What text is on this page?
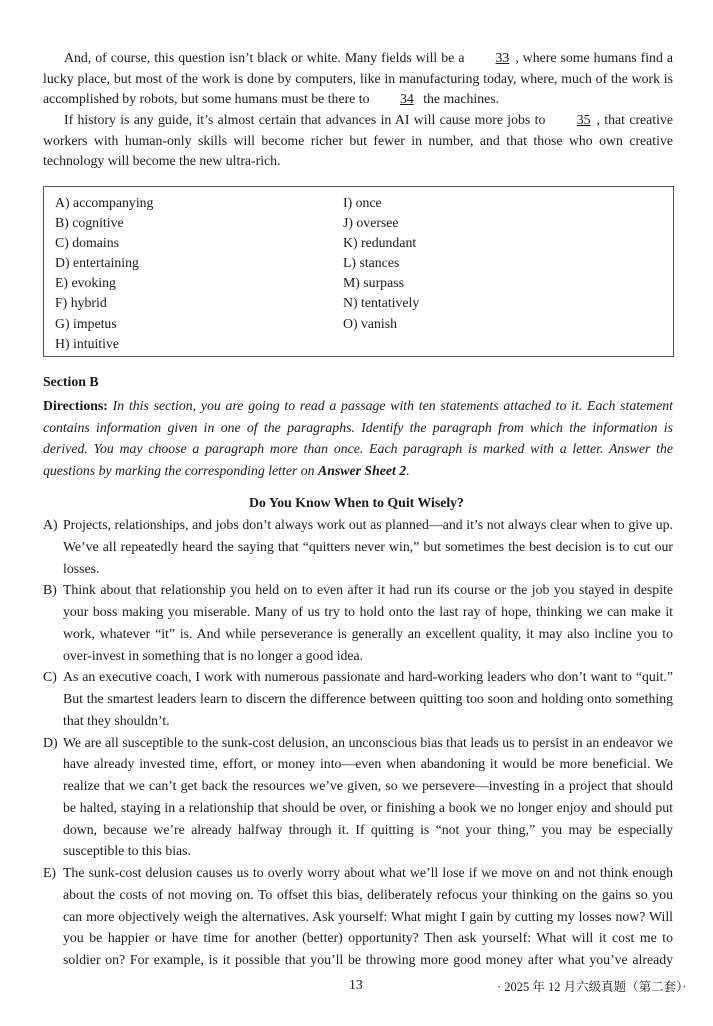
And, of course, this question isn’t black or white. Many fields will be a 33 , where some humans find a lucky place, but most of the work is done by computers, like in manufacturing today, where, much of the work is accomplished by robots, but some humans must be there to 34 the machines.
If history is any guide, it’s almost certain that advances in AI will cause more jobs to 35 , that creative workers with human-only skills will become richer but fewer in number, and that those who own creative technology will become the new ultra-rich.
A) accompanying
B) cognitive
C) domains
D) entertaining
E) evoking
F) hybrid
G) impetus
H) intuitive
I) once
J) oversee
K) redundant
L) stances
M) surpass
N) tentatively
O) vanish
Section B
Directions: In this section, you are going to read a passage with ten statements attached to it. Each statement contains information given in one of the paragraphs. Identify the paragraph from which the information is derived. You may choose a paragraph more than once. Each paragraph is marked with a letter. Answer the questions by marking the corresponding letter on Answer Sheet 2.
Do You Know When to Quit Wisely?
A) Projects, relationships, and jobs don’t always work out as planned—and it’s not always clear when to give up. We’ve all repeatedly heard the saying that “quitters never win,” but sometimes the best decision is to cut our losses.
B) Think about that relationship you held on to even after it had run its course or the job you stayed in despite your boss making you miserable. Many of us try to hold onto the last ray of hope, thinking we can make it work, whatever “it” is. And while perseverance is generally an excellent quality, it may also incline you to over-invest in something that is no longer a good idea.
C) As an executive coach, I work with numerous passionate and hard-working leaders who don’t want to “quit.” But the smartest leaders learn to discern the difference between quitting too soon and holding onto something that they shouldn’t.
D) We are all susceptible to the sunk-cost delusion, an unconscious bias that leads us to persist in an endeavor we have already invested time, effort, or money into—even when abandoning it would be more beneficial. We realize that we can’t get back the resources we’ve given, so we persevere—investing in a project that should be halted, staying in a relationship that should be over, or finishing a book we no longer enjoy and should put down, because we’re already halfway through it. If quitting is “not your thing,” you may be especially susceptible to this bias.
E) The sunk-cost delusion causes us to overly worry about what we’ll lose if we move on and not think enough about the costs of not moving on. To offset this bias, deliberately refocus your thinking on the gains so you can more objectively weigh the alternatives. Ask yourself: What might I gain by cutting my losses now? Will you be happier or have time for another (better) opportunity? Then ask yourself: What will it cost me to soldier on? For example, is it possible that you’ll be throwing more good money after what you’ve already
13	· 2025 年 12 月六级真题（第二套）·
